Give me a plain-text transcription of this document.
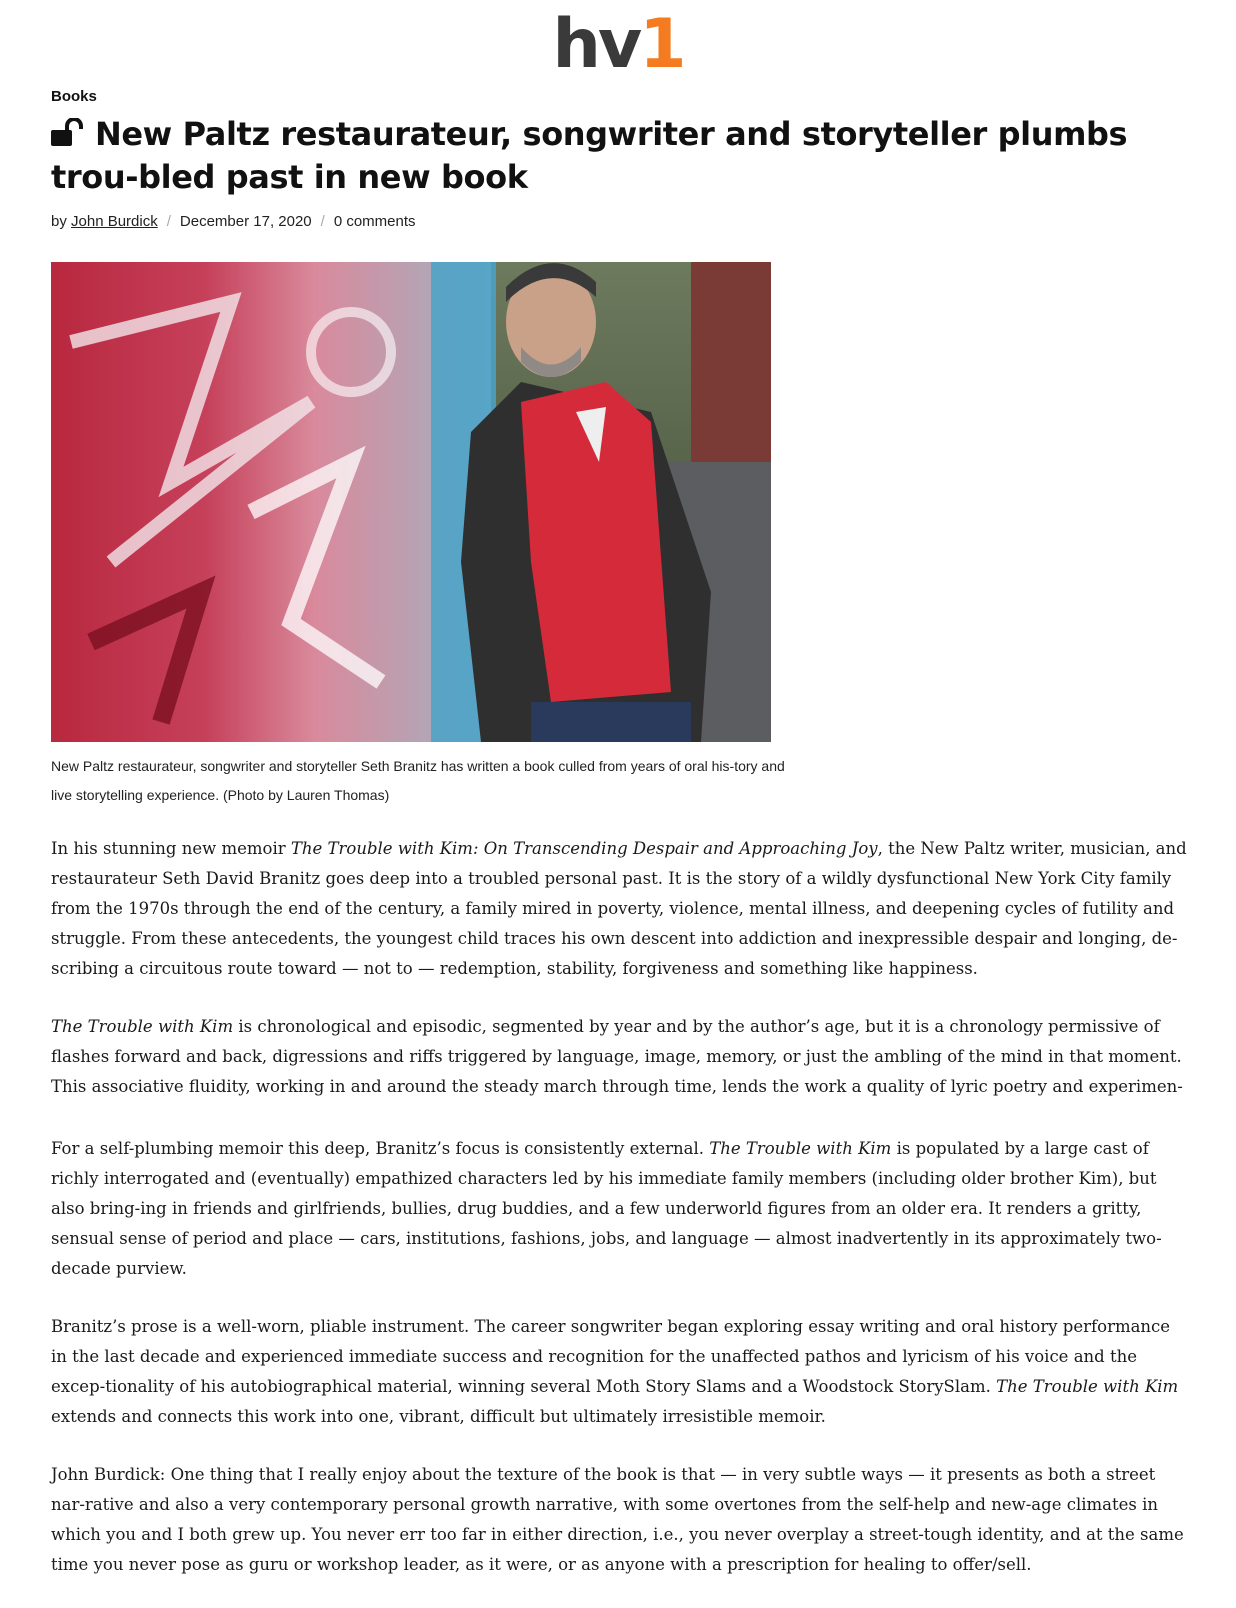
hv1
Books
New Paltz restaurateur, songwriter and storyteller plumbs trou-bled past in new book
by John Burdick / December 17, 2020 / 0 comments

New Paltz restaurateur, songwriter and storyteller Seth Branitz has written a book culled from years of oral his-tory and live storytelling experience. (Photo by Lauren Thomas)

In his stunning new memoir The Trouble with Kim: On Transcending Despair and Approaching Joy, the New Paltz writer, musician, and restaurateur Seth David Branitz goes deep into a troubled personal past. It is the story of a wildly dysfunctional New York City family from the 1970s through the end of the century, a family mired in poverty, violence, mental illness, and deepening cycles of futility and struggle. From these antecedents, the youngest child traces his own descent into addiction and inexpressible despair and longing, de-scribing a circuitous route toward — not to — redemption, stability, forgiveness and something like happiness.

The Trouble with Kim is chronological and episodic, segmented by year and by the author’s age, but it is a chronology permissive of flashes forward and back, digressions and riffs triggered by language, image, memory, or just the ambling of the mind in that moment. This associative fluidity, working in and around the steady march through time, lends the work a quality of lyric poetry and experimen-

For a self-plumbing memoir this deep, Branitz’s focus is consistently external. The Trouble with Kim is populated by a large cast of richly interrogated and (eventually) empathized characters led by his immediate family members (including older brother Kim), but also bring-ing in friends and girlfriends, bullies, drug buddies, and a few underworld figures from an older era. It renders a gritty, sensual sense of period and place — cars, institutions, fashions, jobs, and language — almost inadvertently in its approximately two-decade purview.

Branitz’s prose is a well-worn, pliable instrument. The career songwriter began exploring essay writing and oral history performance in the last decade and experienced immediate success and recognition for the unaffected pathos and lyricism of his voice and the excep-tionality of his autobiographical material, winning several Moth Story Slams and a Woodstock StorySlam. The Trouble with Kim extends and connects this work into one, vibrant, difficult but ultimately irresistible memoir.

John Burdick: One thing that I really enjoy about the texture of the book is that — in very subtle ways — it presents as both a street nar-rative and also a very contemporary personal growth narrative, with some overtones from the self-help and new-age climates in which you and I both grew up. You never err too far in either direction, i.e., you never overplay a street-tough identity, and at the same time you never pose as guru or workshop leader, as it were, or as anyone with a prescription for healing to offer/sell.
